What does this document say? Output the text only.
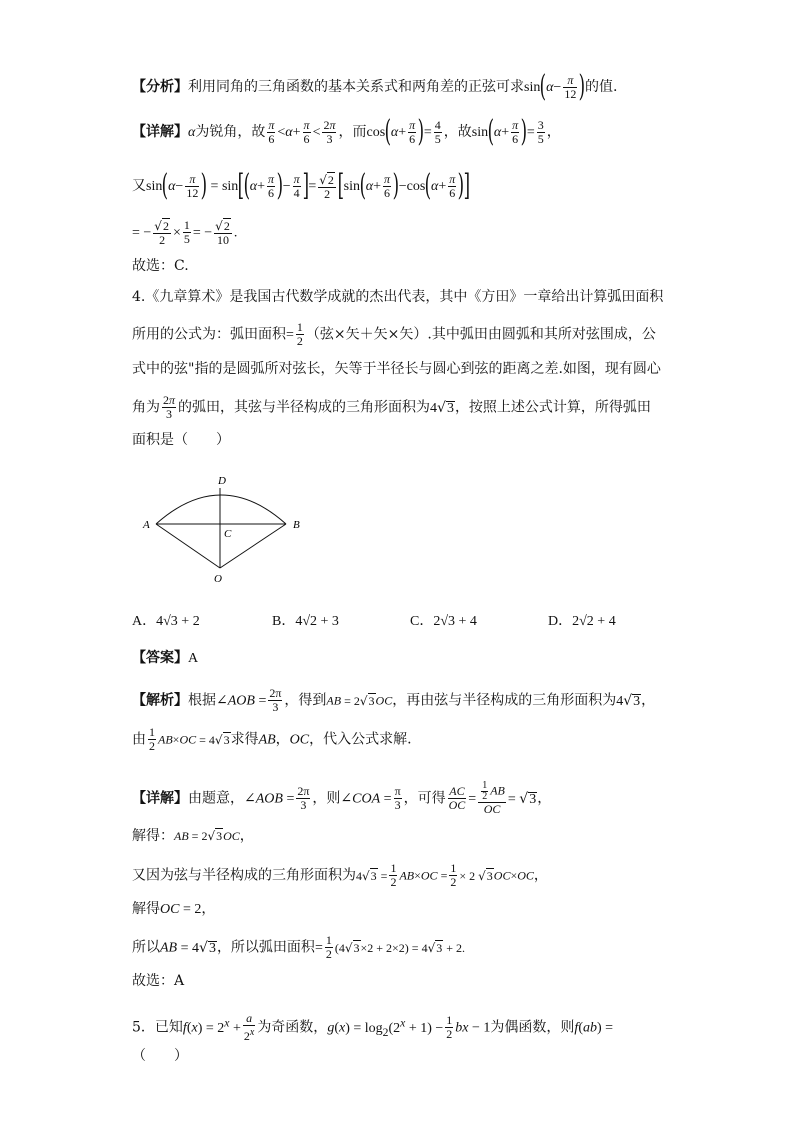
【分析】利用同角的三角函数的基本关系式和两角差的正弦可求$\sin(\alpha- \frac{\pi}{12}$ )的值.
【详解】α为锐角，故 $\frac{\pi}{6} <\alpha+ \frac{\pi}{6} < \frac{2\pi}{3}$ ，而$\cos(\alpha+ \frac{\pi}{6}$ )= $\frac{4}{5}$ ，故$\sin(\alpha+ \frac{\pi}{6}$ )= $\frac{3}{5}$ ，
又$\sin(\alpha- \frac{\pi}{12}$ ) = $\sin[(\alpha+ \frac{\pi}{6}$ )− $\frac{\pi}{4}$ ]= $\frac{√2}{2} [\sin(\alpha+ \frac{\pi}{6} )-\cos(\alpha+ \frac{\pi}{6}$ )]
= − $\frac{√2}{2} \times \frac{1}{5}$ = − $\frac{√2}{10}$ .
故选：C.
4.《九章算术》是我国古代数学成就的杰出代表，其中《方田》一章给出计算弧田面积
所用的公式为：弧田面积= $\frac{1}{2}$ （弦×矢＋矢×矢）.其中弧田由圆弧和其所对弦围成，公
式中的弦"指的是圆弧所对弦长，矢等于半径长与圆心到弦的距离之差.如图，现有圆心
角为 $\frac{2\pi}{3}$ 的弧田，其弦与半径构成的三角形面积为4√3，按照上述公式计算，所得弧田
面积是（　　）
D
A
C
B
O
A．4√3 + 2	B．4√2 + 3	C．2√3 + 4	D．2√2 + 4
【答案】A
【解析】根据∠AOB = $\frac{2\pi}{3}$ ，得到AB = 2√3OC，再由弦与半径构成的三角形面积为4√3，
由 $\frac{1}{2} AB\times OC = 4√3$求得AB，OC，代入公式求解.
【详解】由题意，∠AOB = $\frac{2\pi}{3}$ ，则∠COA = $\frac{\pi}{3}$ ，可得 $\frac{AC}{OC} = \frac{\frac{1}{2} AB}{OC} = √3$，
解得：AB = 2√3OC，
又因为弦与半径构成的三角形面积为$4√3 = \frac{1}{2} AB\times OC = \frac{1}{2} \times 2$ √3OC×OC，
解得OC = 2，
所以AB = 4√3，所以弧田面积= $\frac{1}{2} (4√3\times 2 + 2\times 2) = 4√3 + 2$.
故选：A
5．已知$f(x) = 2^x + \frac{a}{2^x}$ 为奇函数，$g(x) = \log_2(2^x + 1) - \frac{1}{2}$ bx − 1为偶函数，则f(ab) =
（　　）
